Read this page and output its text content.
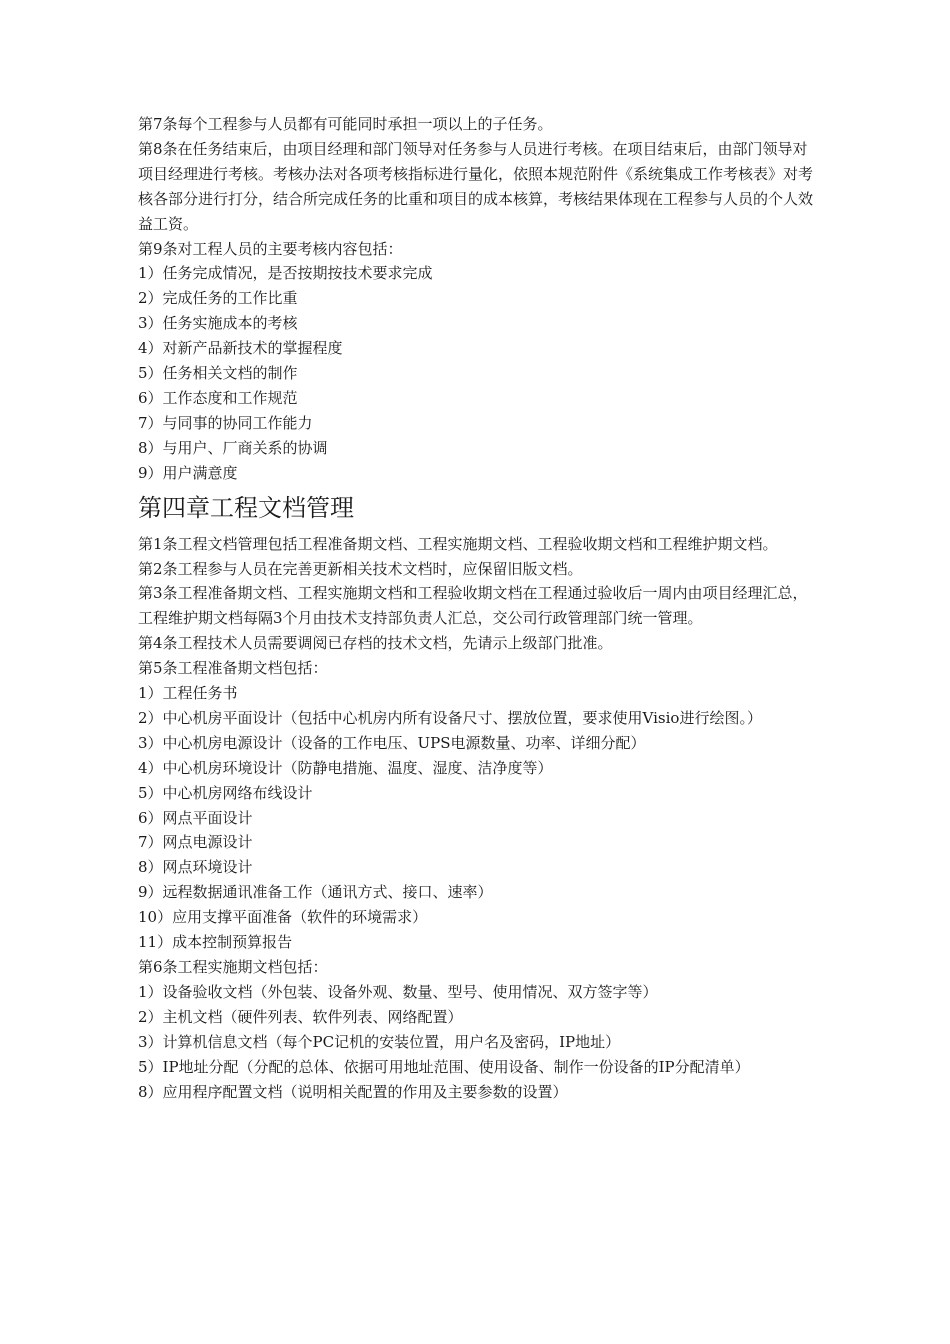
第7条每个工程参与人员都有可能同时承担一项以上的子任务。

第8条在任务结束后，由项目经理和部门领导对任务参与人员进行考核。在项目结束后，由部门领导对项目经理进行考核。考核办法对各项考核指标进行量化，依照本规范附件《系统集成工作考核表》对考核各部分进行打分，结合所完成任务的比重和项目的成本核算，考核结果体现在工程参与人员的个人效益工资。

第9条对工程人员的主要考核内容包括：

1）任务完成情况，是否按期按技术要求完成

2）完成任务的工作比重

3）任务实施成本的考核

4）对新产品新技术的掌握程度

5）任务相关文档的制作

6）工作态度和工作规范

7）与同事的协同工作能力

8）与用户、厂商关系的协调

9）用户满意度

第四章工程文档管理

第1条工程文档管理包括工程准备期文档、工程实施期文档、工程验收期文档和工程维护期文档。

第2条工程参与人员在完善更新相关技术文档时，应保留旧版文档。

第3条工程准备期文档、工程实施期文档和工程验收期文档在工程通过验收后一周内由项目经理汇总，工程维护期文档每隔3个月由技术支持部负责人汇总，交公司行政管理部门统一管理。

第4条工程技术人员需要调阅已存档的技术文档，先请示上级部门批准。

第5条工程准备期文档包括：

1）工程任务书

2）中心机房平面设计（包括中心机房内所有设备尺寸、摆放位置，要求使用Visio进行绘图。）

3）中心机房电源设计（设备的工作电压、UPS电源数量、功率、详细分配）

4）中心机房环境设计（防静电措施、温度、湿度、洁净度等）

5）中心机房网络布线设计

6）网点平面设计

7）网点电源设计

8）网点环境设计

9）远程数据通讯准备工作（通讯方式、接口、速率）

10）应用支撑平面准备（软件的环境需求）

11）成本控制预算报告

第6条工程实施期文档包括：

1）设备验收文档（外包装、设备外观、数量、型号、使用情况、双方签字等）

2）主机文档（硬件列表、软件列表、网络配置）

3）计算机信息文档（每个PC记机的安装位置，用户名及密码，IP地址）

5）IP地址分配（分配的总体、依据可用地址范围、使用设备、制作一份设备的IP分配清单）

8）应用程序配置文档（说明相关配置的作用及主要参数的设置）
